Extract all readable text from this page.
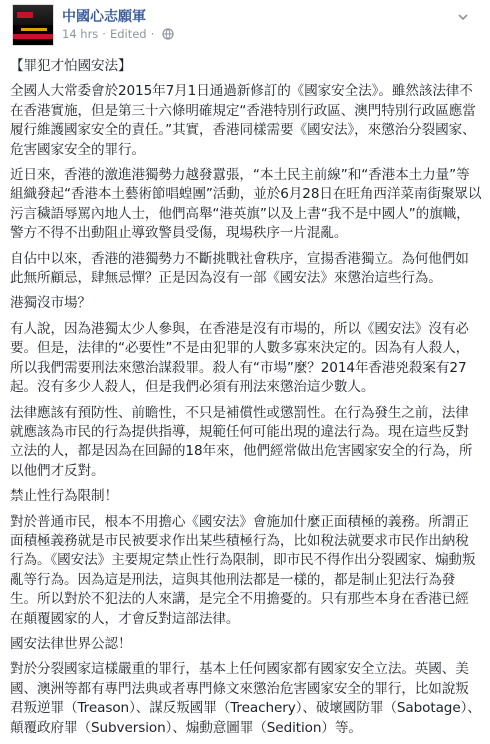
中國心志願軍
14 hrs · Edited ·

【罪犯才怕國安法】

全國人大常委會於2015年7月1日通過新修訂的《國家安全法》。雖然該法律不在香港實施，但是第三十六條明確規定“香港特別行政區、澳門特別行政區應當履行維護國家安全的責任。”其實，香港同樣需要《國安法》，來懲治分裂國家、危害國家安全的罪行。

近日來，香港的激進港獨勢力越發囂張，“本土民主前線”和“香港本土力量”等組織發起“香港本土藝術節唱蝗團”活動，並於6月28日在旺角西洋菜南街聚眾以污言穢語辱罵內地人士，他們高舉“港英旗”以及上書“我不是中國人”的旗幟，警方不得不出動阻止導致警員受傷，現場秩序一片混亂。

自佔中以來，香港的港獨勢力不斷挑戰社會秩序，宣揚香港獨立。為何他們如此無所顧忌，肆無忌憚？正是因為沒有一部《國安法》來懲治這些行為。

港獨沒市場？

有人說，因為港獨太少人參與，在香港是沒有市場的，所以《國安法》沒有必要。但是，法律的“必要性”不是由犯罪的人數多寡來決定的。因為有人殺人，所以我們需要刑法來懲治謀殺罪。殺人有“市場”麼？2014年香港兇殺案有27起。沒有多少人殺人，但是我們必須有刑法來懲治這少數人。

法律應該有預防性、前瞻性，不只是補償性或懲罰性。在行為發生之前，法律就應該為市民的行為提供指導，規範任何可能出現的違法行為。現在這些反對立法的人，都是因為在回歸的18年來，他們經常做出危害國家安全的行為，所以他們才反對。

禁止性行為限制！

對於普通市民，根本不用擔心《國安法》會施加什麼正面積極的義務。所謂正面積極義務就是市民被要求作出某些積極行為，比如稅法就要求市民作出納稅行為。《國安法》主要規定禁止性行為限制，即市民不得作出分裂國家、煽動叛亂等行為。因為這是刑法，這與其他刑法都是一樣的，都是制止犯法行為發生。所以對於不犯法的人來講，是完全不用擔憂的。只有那些本身在香港已經在顛覆國家的人，才會反對這部法律。

國安法律世界公認！

對於分裂國家這樣嚴重的罪行，基本上任何國家都有國家安全立法。英國、美國、澳洲等都有專門法典或者專門條文來懲治危害國家安全的罪行，比如說叛君叛逆罪（Treason）、謀反叛國罪（Treachery）、破壞國防罪（Sabotage）、顛覆政府罪（Subversion）、煽動意圖罪（Sedition）等。
